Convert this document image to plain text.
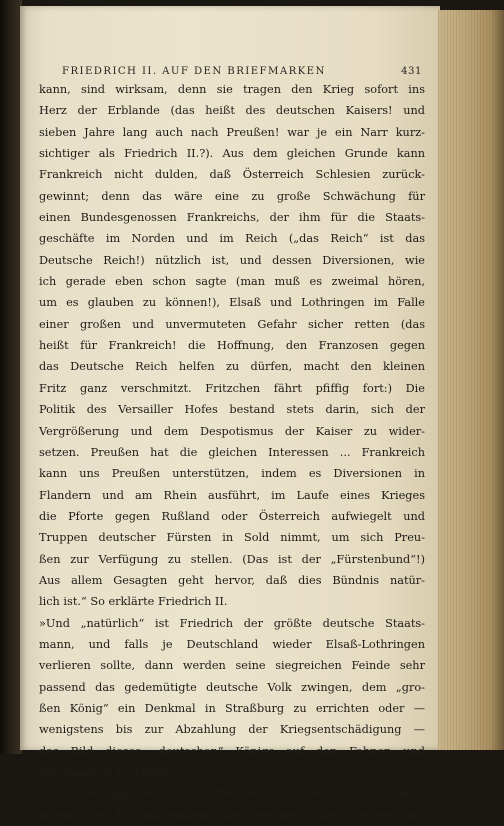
FRIEDRICH II. AUF DEN BRIEFMARKEN	431
kann, sind wirksam, denn sie tragen den Krieg sofort ins
Herz der Erblande (das heißt des deutschen Kaisers! und
sieben Jahre lang auch nach Preußen! war je ein Narr kurz-
sichtiger als Friedrich II.?). Aus dem gleichen Grunde kann
Frankreich nicht dulden, daß Österreich Schlesien zurück-
gewinnt; denn das wäre eine zu große Schwächung für
einen Bundesgenossen Frankreichs, der ihm für die Staats-
geschäfte im Norden und im Reich („das Reich“ ist das
Deutsche Reich!) nützlich ist, und dessen Diversionen, wie
ich gerade eben schon sagte (man muß es zweimal hören,
um es glauben zu können!), Elsaß und Lothringen im Falle
einer großen und unvermuteten Gefahr sicher retten (das
heißt für Frankreich! die Hoffnung, den Franzosen gegen
das Deutsche Reich helfen zu dürfen, macht den kleinen
Fritz ganz verschmitzt. Fritzchen fährt pfiffig fort:) Die
Politik des Versailler Hofes bestand stets darin, sich der
Vergrößerung und dem Despotismus der Kaiser zu wider-
setzen. Preußen hat die gleichen Interessen ... Frankreich
kann uns Preußen unterstützen, indem es Diversionen in
Flandern und am Rhein ausführt, im Laufe eines Krieges
die Pforte gegen Rußland oder Österreich aufwiegelt und
Truppen deutscher Fürsten in Sold nimmt, um sich Preu-
ßen zur Verfügung zu stellen. (Das ist der „Fürstenbund“!)
Aus allem Gesagten geht hervor, daß dies Bündnis natür-
lich ist.“ So erklärte Friedrich II.
»Und „natürlich“ ist Friedrich der größte deutsche Staats-
mann, und falls je Deutschland wieder Elsaß-Lothringen
verlieren sollte, dann werden seine siegreichen Feinde sehr
passend das gedemütigte deutsche Volk zwingen, dem „gro-
ßen König“ ein Denkmal in Straßburg zu errichten oder —
wenigstens bis zur Abzahlung der Kriegsentschädigung —
das Bild dieses „deutschen“ Königs auf den Fahnen und
Briefmarken zu dulden.
»Aha, Sie glauben, ich halte Sie zum besten. Also bitte,
hören Sie die staatsmännische Weisheit Ihres großen Kö-
